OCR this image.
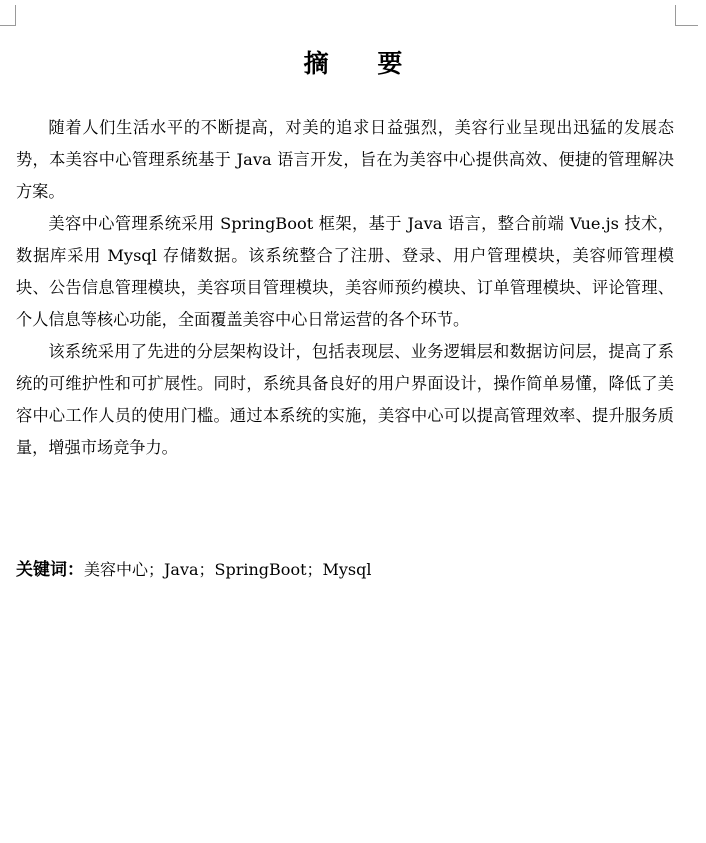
摘 要

随着人们生活水平的不断提高，对美的追求日益强烈，美容行业呈现出迅猛的发展态势，本美容中心管理系统基于 Java 语言开发，旨在为美容中心提供高效、便捷的管理解决方案。

美容中心管理系统采用 SpringBoot 框架，基于 Java 语言，整合前端 Vue.js 技术，数据库采用 Mysql 存储数据。该系统整合了注册、登录、用户管理模块，美容师管理模块、公告信息管理模块，美容项目管理模块，美容师预约模块、订单管理模块、评论管理、个人信息等核心功能，全面覆盖美容中心日常运营的各个环节。

该系统采用了先进的分层架构设计，包括表现层、业务逻辑层和数据访问层，提高了系统的可维护性和可扩展性。同时，系统具备良好的用户界面设计，操作简单易懂，降低了美容中心工作人员的使用门槛。通过本系统的实施，美容中心可以提高管理效率、提升服务质量，增强市场竞争力。

关键词：美容中心；Java；SpringBoot；Mysql
